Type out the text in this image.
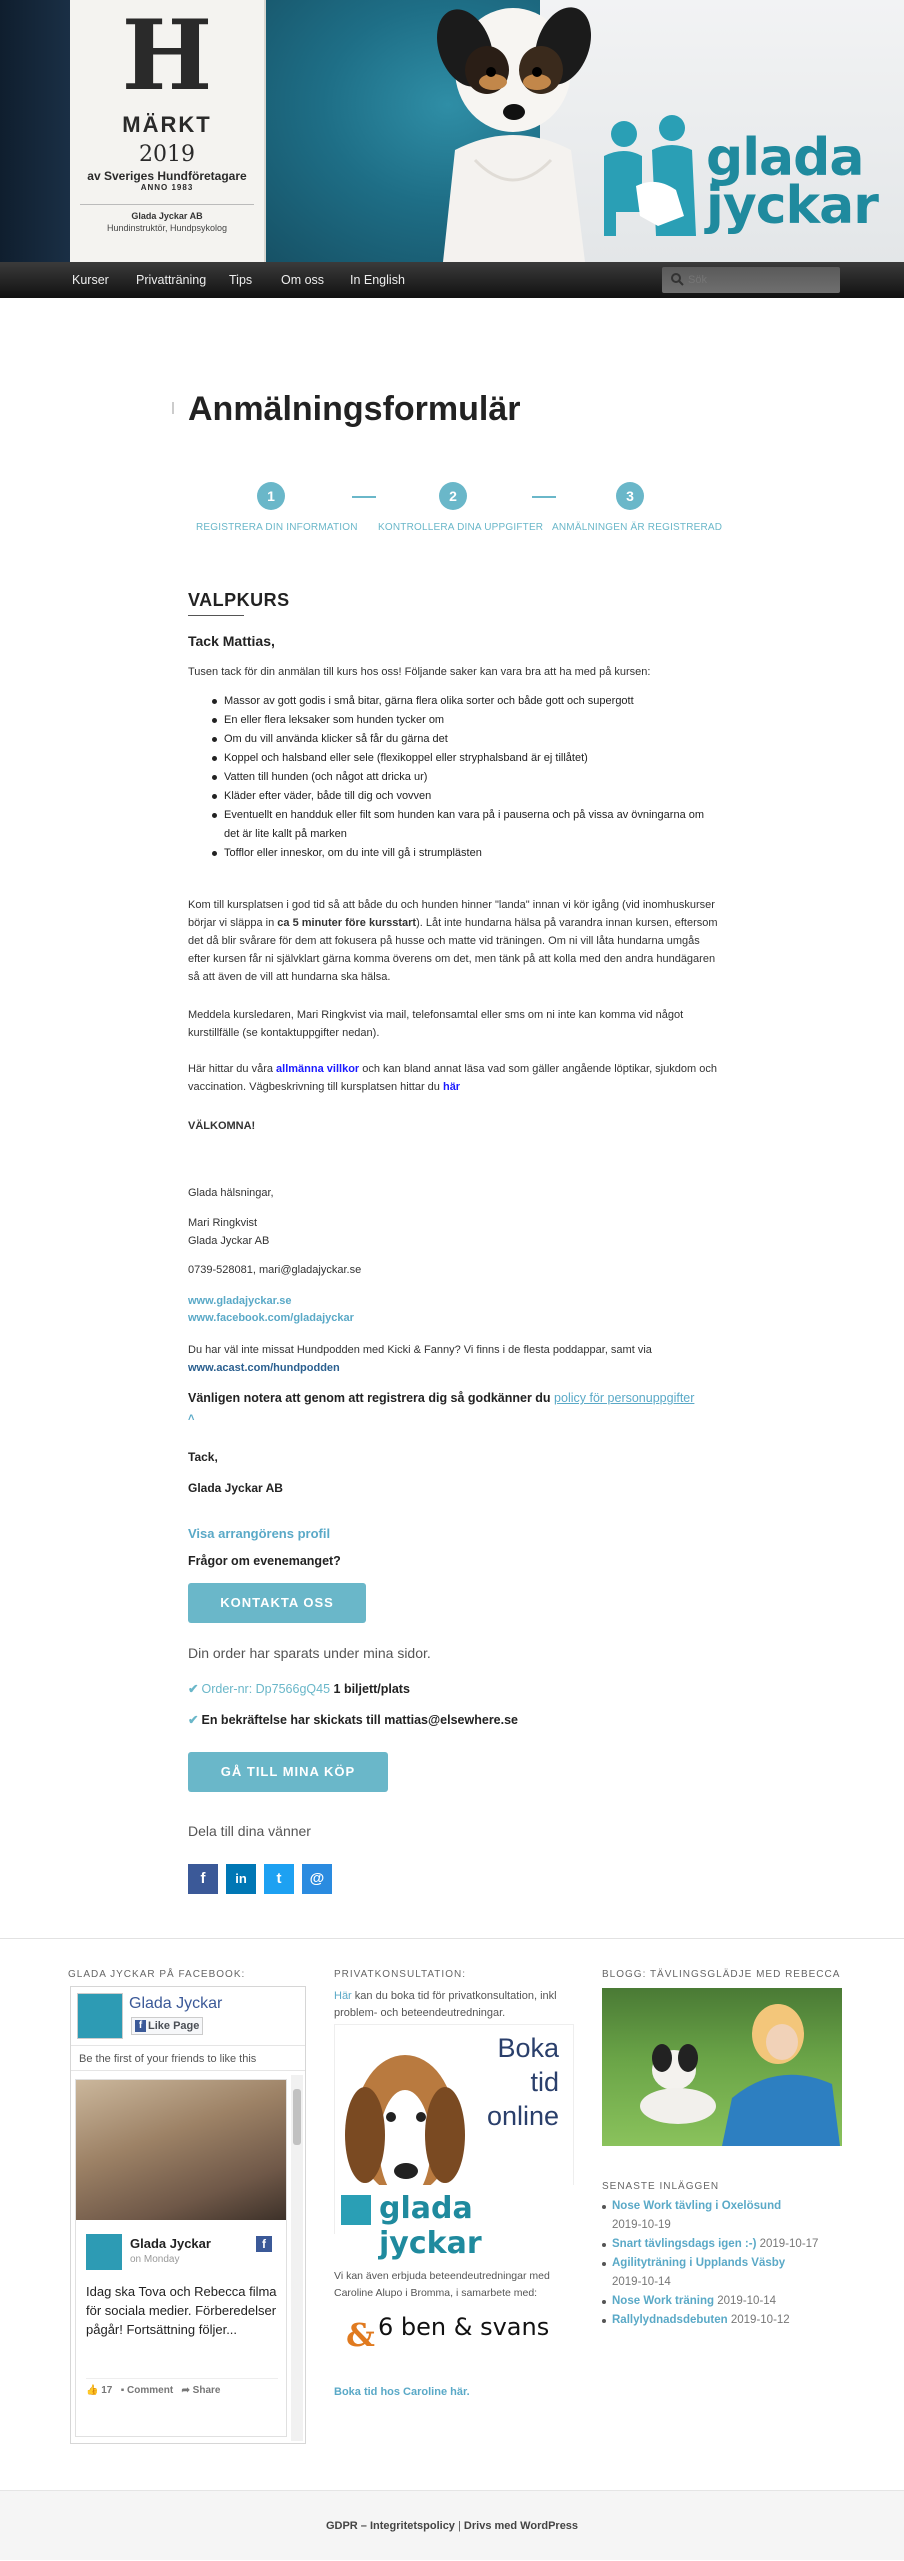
H
MÄRKT
2019
av Sveriges Hundföretagare
ANNO 1983
Glada Jyckar AB
Hundinstruktör, Hundpsykolog
glada
jyckar
Kurser Privatträning Tips Om oss In English
Sök
Anmälningsformulär
1
REGISTRERA DIN INFORMATION
2
KONTROLLERA DINA UPPGIFTER
3
ANMÄLNINGEN ÄR REGISTRERAD
VALPKURS
Tack Mattias,
Tusen tack för din anmälan till kurs hos oss! Följande saker kan vara bra att ha med på kursen:
Massor av gott godis i små bitar, gärna flera olika sorter och både gott och supergott
En eller flera leksaker som hunden tycker om
Om du vill använda klicker så får du gärna det
Koppel och halsband eller sele (flexikoppel eller stryphalsband är ej tillåtet)
Vatten till hunden (och något att dricka ur)
Kläder efter väder, både till dig och vovven
Eventuellt en handduk eller filt som hunden kan vara på i pauserna och på vissa av övningarna om det är lite kallt på marken
Tofflor eller inneskor, om du inte vill gå i strumplästen
Kom till kursplatsen i god tid så att både du och hunden hinner "landa" innan vi kör igång (vid inomhuskurser börjar vi släppa in ca 5 minuter före kursstart). Låt inte hundarna hälsa på varandra innan kursen, eftersom det då blir svårare för dem att fokusera på husse och matte vid träningen. Om ni vill låta hundarna umgås efter kursen får ni självklart gärna komma överens om det, men tänk på att kolla med den andra hundägaren så att även de vill att hundarna ska hälsa.
Meddela kursledaren, Mari Ringkvist via mail, telefonsamtal eller sms om ni inte kan komma vid något kurstillfälle (se kontaktuppgifter nedan).
Här hittar du våra allmänna villkor och kan bland annat läsa vad som gäller angående löptikar, sjukdom och vaccination. Vägbeskrivning till kursplatsen hittar du här
VÄLKOMNA!
Glada hälsningar,
Mari Ringkvist
Glada Jyckar AB
0739-528081, mari@gladajyckar.se
www.gladajyckar.se
www.facebook.com/gladajyckar
Du har väl inte missat Hundpodden med Kicki & Fanny? Vi finns i de flesta poddappar, samt via www.acast.com/hundpodden
Vänligen notera att genom att registrera dig så godkänner du policy för personuppgifter
˄
Tack,
Glada Jyckar AB
Visa arrangörens profil
Frågor om evenemanget?
KONTAKTA OSS
Din order har sparats under mina sidor.
✔ Order-nr: Dp7566gQ45 1 biljett/plats
✔ En bekräftelse har skickats till mattias@elsewhere.se
GÅ TILL MINA KÖP
Dela till dina vänner
f	in	t	@
GLADA JYCKAR PÅ FACEBOOK:
Glada Jyckar
f Like Page
Be the first of your friends to like this
Glada Jyckar
on Monday
f
Idag ska Tova och Rebecca filma för sociala medier. Förberedelser pågår! Fortsättning följer...
👍 17 ▪ Comment ➦ Share
PRIVATKONSULTATION:
Här kan du boka tid för privatkonsultation, inkl problem- och beteendeutredningar.
Boka
tid
online
glada jyckar
Vi kan även erbjuda beteendeutredningar med Caroline Alupo i Bromma, i samarbete med:
& 6 ben & svans
Boka tid hos Caroline här.
BLOGG: TÄVLINGSGLÄDJE MED REBECCA
SENASTE INLÄGGEN
Nose Work tävling i Oxelösund
2019-10-19
Snart tävlingsdags igen :-) 2019-10-17
Agilityträning i Upplands Väsby
2019-10-14
Nose Work träning 2019-10-14
Rallylydnadsdebuten 2019-10-12
GDPR – Integritetspolicy | Drivs med WordPress
